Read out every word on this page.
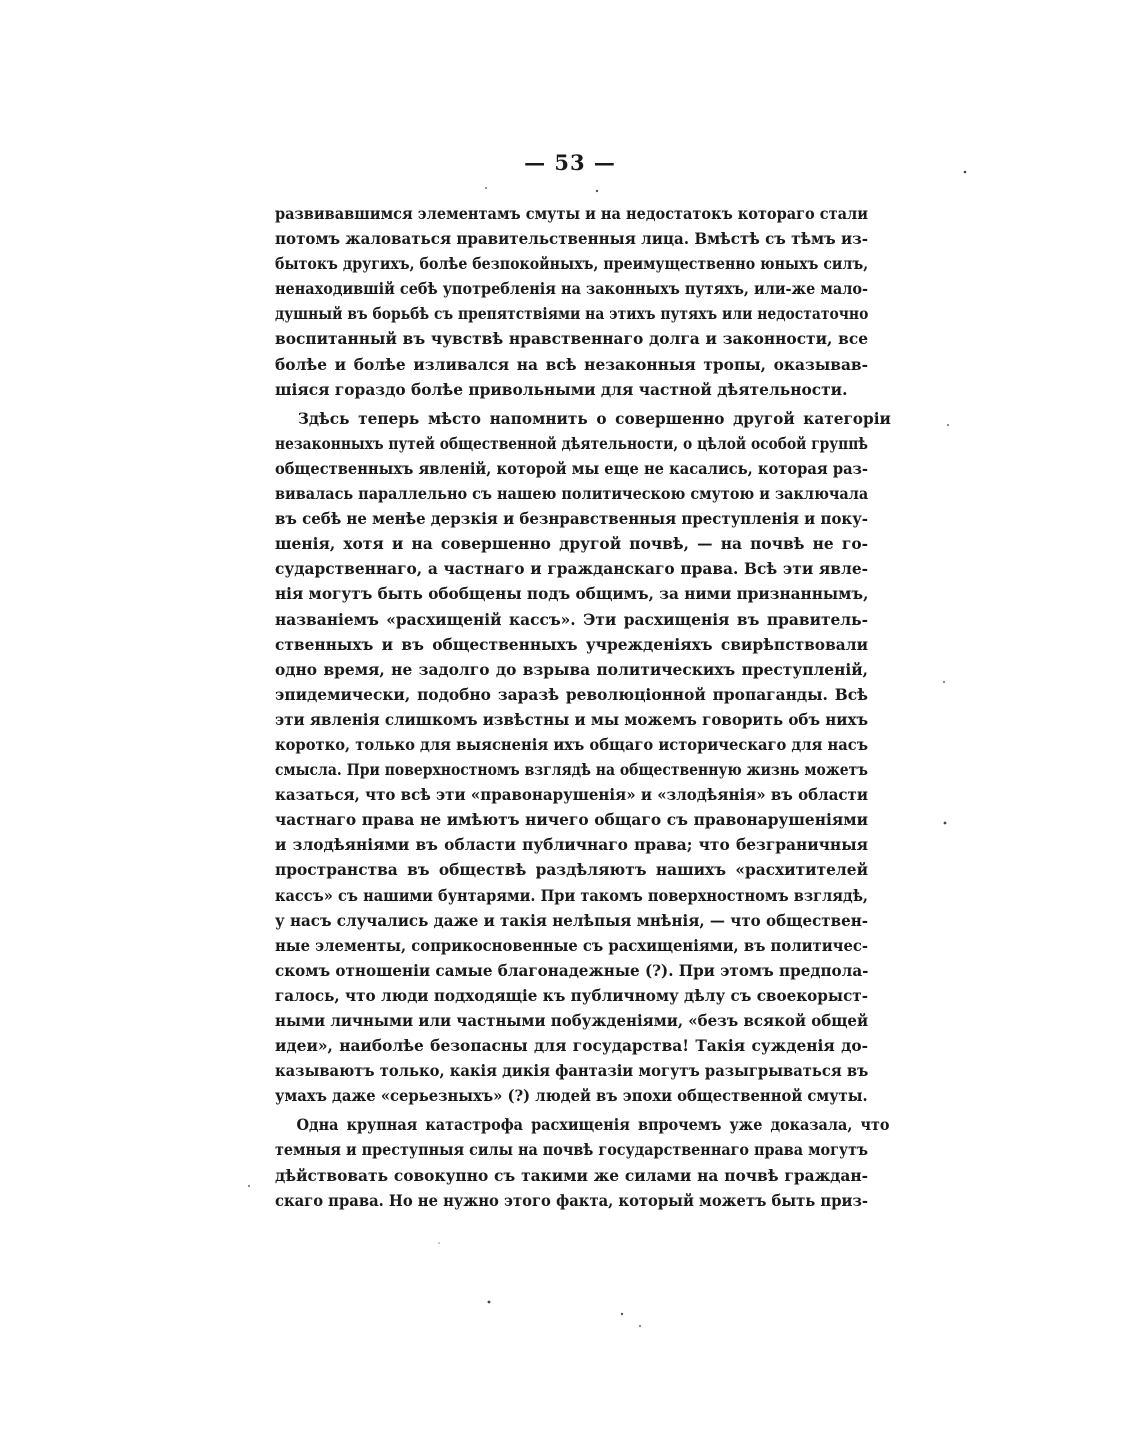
— 53 —

развивавшимся элементамъ смуты и на недостатокъ котораго стали
потомъ жаловаться правительственныя лица. Вмѣстѣ съ тѣмъ из-
бытокъ другихъ, болѣе безпокойныхъ, преимущественно юныхъ силъ,
ненаходившій себѣ употребленія на законныхъ путяхъ, или-же мало-
душный въ борьбѣ съ препятствіями на этихъ путяхъ или недостаточно
воспитанный въ чувствѣ нравственнаго долга и законности, все
болѣе и болѣе изливался на всѣ незаконныя тропы, оказывав-
шіяся гораздо болѣе привольными для частной дѣятельности.

Здѣсь теперь мѣсто напомнить о совершенно другой категоріи
незаконныхъ путей общественной дѣятельности, о цѣлой особой группѣ
общественныхъ явленій, которой мы еще не касались, которая раз-
вивалась параллельно съ нашею политическою смутою и заключала
въ себѣ не менѣе дерзкія и безнравственныя преступленія и поку-
шенія, хотя и на совершенно другой почвѣ, — на почвѣ не го-
сударственнаго, а частнаго и гражданскаго права. Всѣ эти явле-
нія могутъ быть обобщены подъ общимъ, за ними признаннымъ,
названіемъ «расхищеній кассъ». Эти расхищенія въ правитель-
ственныхъ и въ общественныхъ учрежденіяхъ свирѣпствовали
одно время, не задолго до взрыва политическихъ преступленій,
эпидемически, подобно заразѣ революціонной пропаганды. Всѣ
эти явленія слишкомъ извѣстны и мы можемъ говорить объ нихъ
коротко, только для выясненія ихъ общаго историческаго для насъ
смысла. При поверхностномъ взглядѣ на общественную жизнь можетъ
казаться, что всѣ эти «правонарушенія» и «злодѣянія» въ области
частнаго права не имѣютъ ничего общаго съ правонарушеніями
и злодѣяніями въ области публичнаго права; что безграничныя
пространства въ обществѣ раздѣляютъ нашихъ «расхитителей
кассъ» съ нашими бунтарями. При такомъ поверхностномъ взглядѣ,
у насъ случались даже и такія нелѣпыя мнѣнія, — что обществен-
ные элементы, соприкосновенные съ расхищеніями, въ политичес-
скомъ отношеніи самые благонадежные (?). При этомъ предпола-
галось, что люди подходящіе къ публичному дѣлу съ своекорыст-
ными личными или частными побужденіями, «безъ всякой общей
идеи», наиболѣе безопасны для государства! Такія сужденія до-
казываютъ только, какія дикія фантазіи могутъ разыгрываться въ
умахъ даже «серьезныхъ» (?) людей въ эпохи общественной смуты.

Одна крупная катастрофа расхищенія впрочемъ уже доказала, что
темныя и преступныя силы на почвѣ государственнаго права могутъ
дѣйствовать совокупно съ такими же силами на почвѣ граждан-
скаго права. Но не нужно этого факта, который можетъ быть приз-
